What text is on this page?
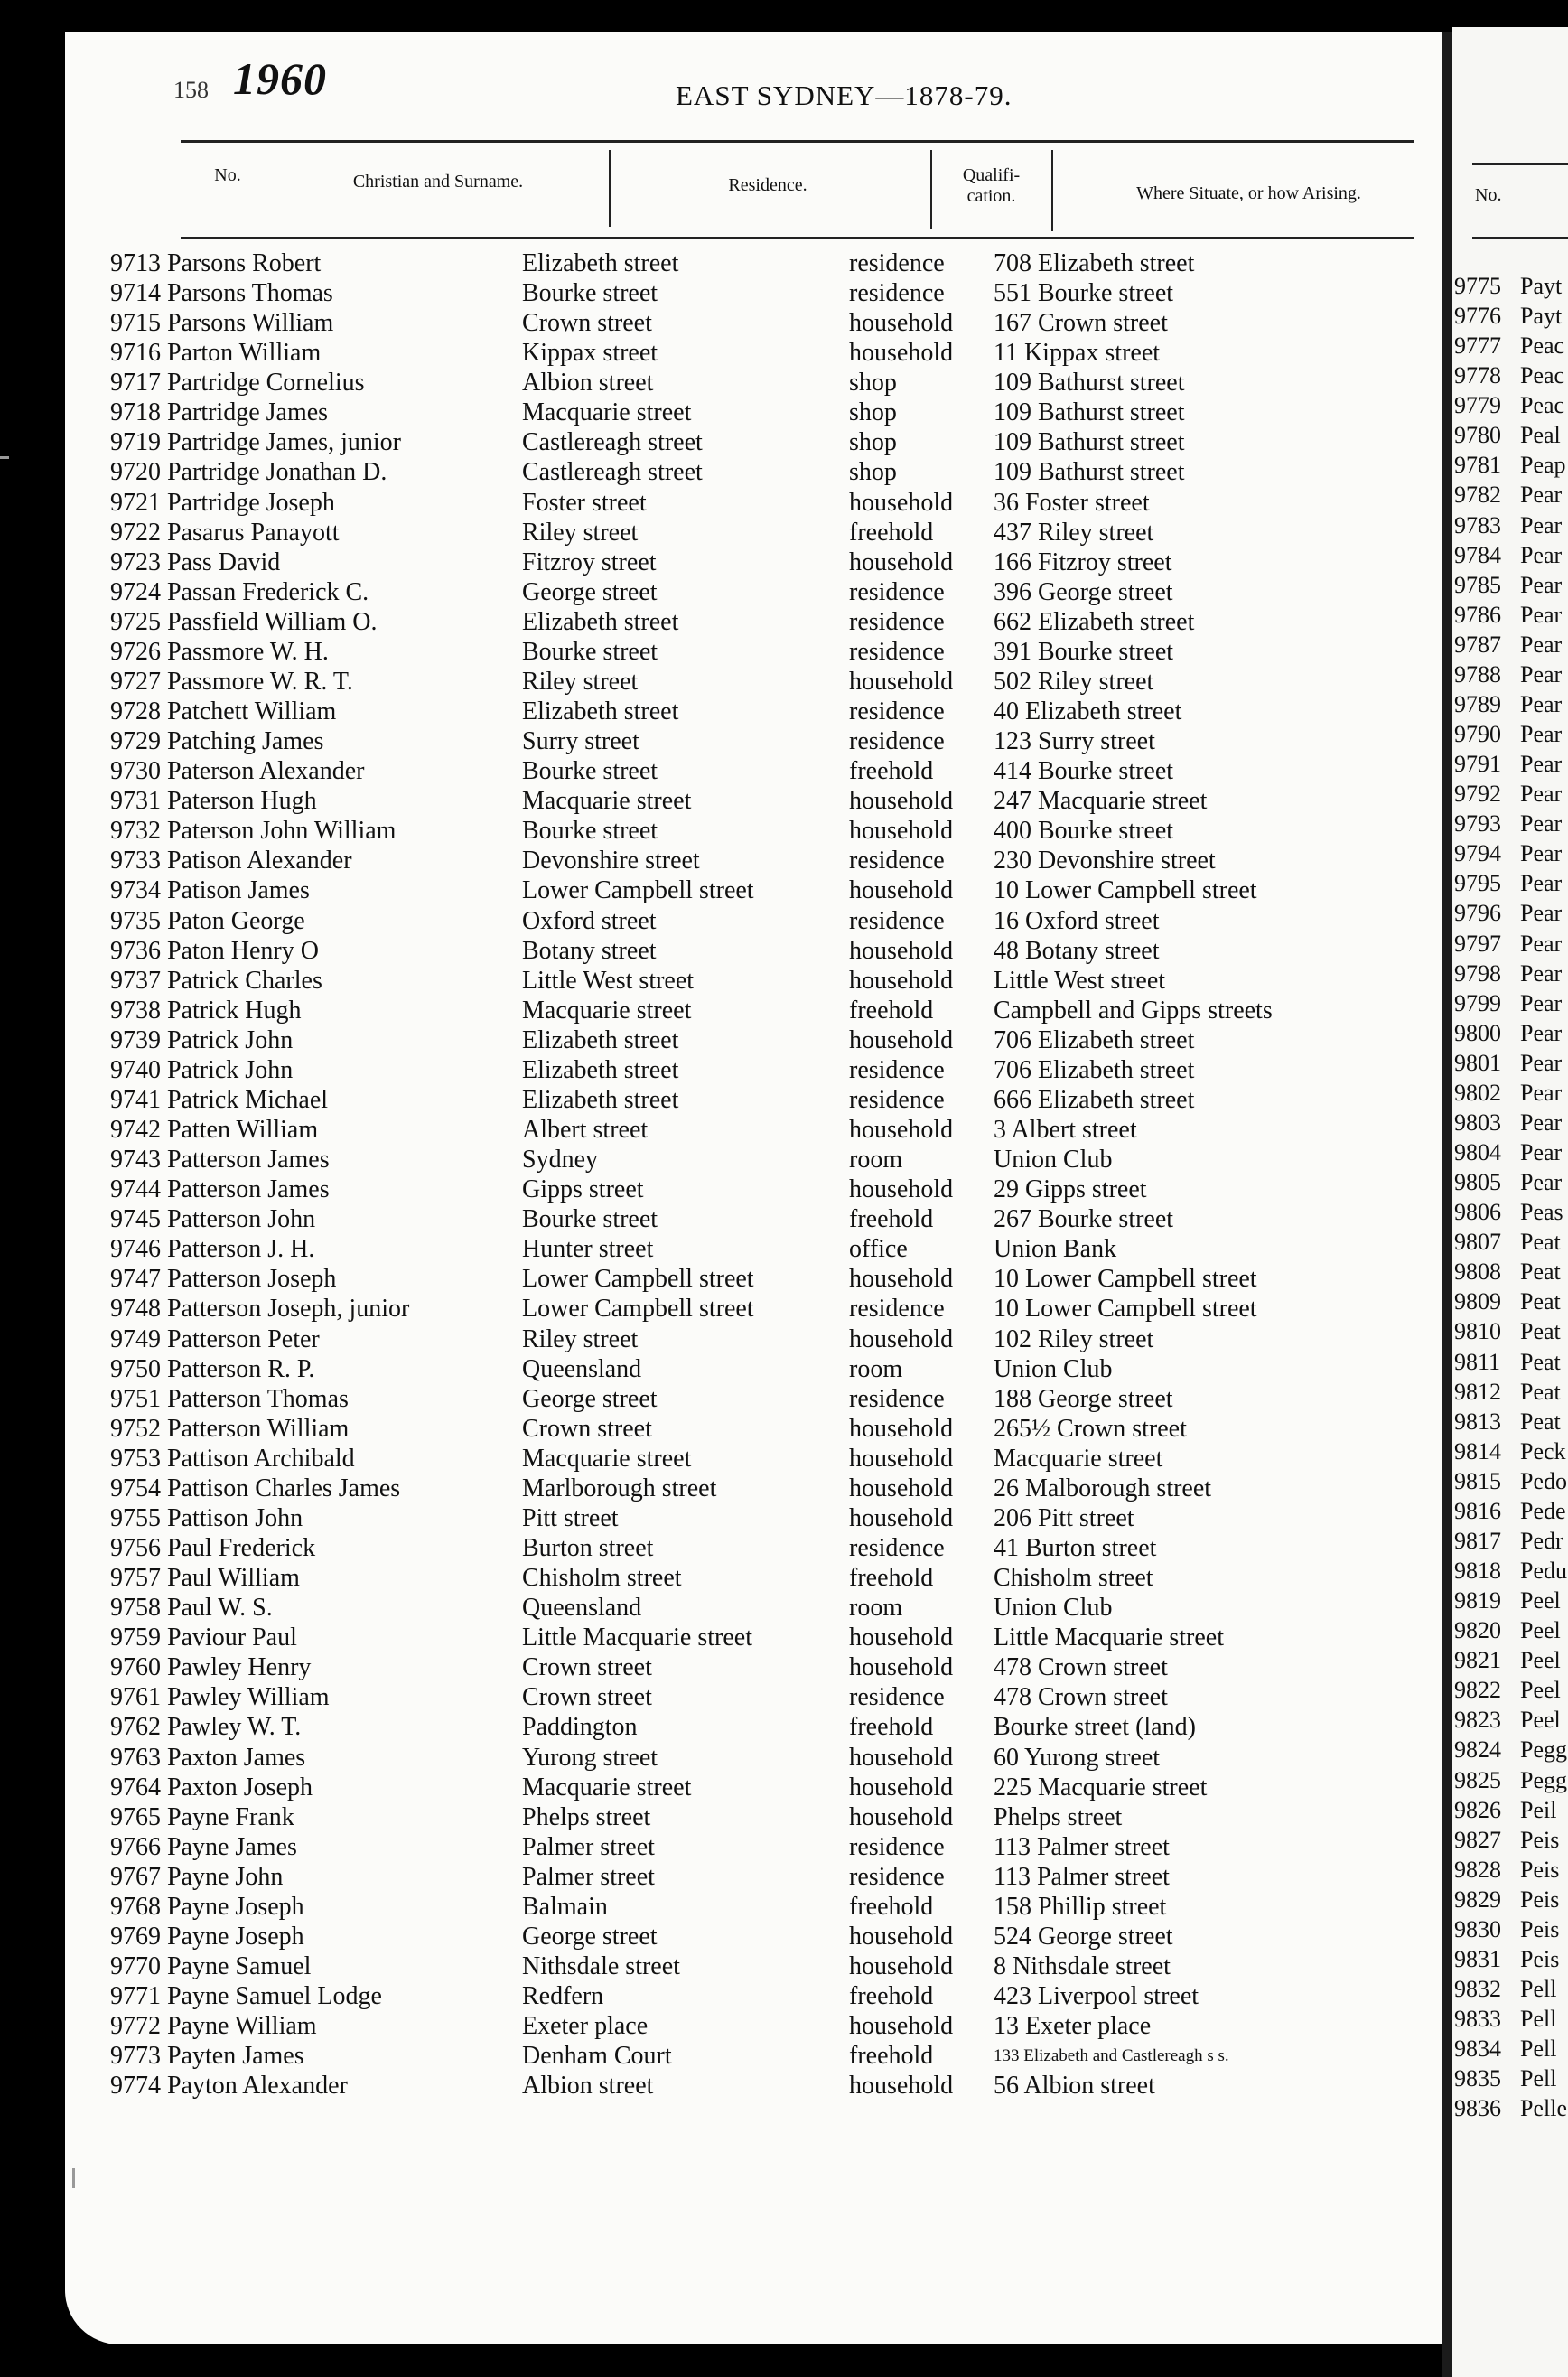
158 1960	EAST SYDNEY—1878-79.
No.	Christian and Surname.	Residence.	Qualifi- cation.	Where Situate, or how Arising.	No.
9713 Parsons Robert	Elizabeth street	residence 708 Elizabeth street
9714 Parsons Thomas	Bourke street	residence 551 Bourke street
9715 Parsons William	Crown street	household 167 Crown street
9716 Parton William	Kippax street	household 11 Kippax street
9717 Partridge Cornelius	Albion street	shop	109 Bathurst street
9718 Partridge James	Macquarie street	shop	109 Bathurst street
9719 Partridge James, junior	Castlereagh street	shop	109 Bathurst street
9720 Partridge Jonathan D.	Castlereagh street	shop	109 Bathurst street
9721 Partridge Joseph	Foster street	household 36 Foster street
9722 Pasarus Panayott	Riley street	freehold 437 Riley street
9723 Pass David	Fitzroy street	household 166 Fitzroy street
9724 Passan Frederick C.	George street	residence 396 George street
9725 Passfield William O.	Elizabeth street	residence 662 Elizabeth street
9726 Passmore W. H.	Bourke street	residence 391 Bourke street
9727 Passmore W. R. T.	Riley street	household 502 Riley street
9728 Patchett William	Elizabeth street	residence 40 Elizabeth street
9729 Patching James	Surry street	residence 123 Surry street
9730 Paterson Alexander	Bourke street	freehold 414 Bourke street
9731 Paterson Hugh	Macquarie street	household 247 Macquarie street
9732 Paterson John William	Bourke street	household 400 Bourke street
9733 Patison Alexander	Devonshire street	residence 230 Devonshire street
9734 Patison James	Lower Campbell street	household 10 Lower Campbell street
9735 Paton George	Oxford street	residence 16 Oxford street
9736 Paton Henry O	Botany street	household 48 Botany street
9737 Patrick Charles	Little West street	household Little West street
9738 Patrick Hugh	Macquarie street	freehold Campbell and Gipps streets
9739 Patrick John	Elizabeth street	household 706 Elizabeth street
9740 Patrick John	Elizabeth street	residence 706 Elizabeth street
9741 Patrick Michael	Elizabeth street	residence 666 Elizabeth street
9742 Patten William	Albert street	household 3 Albert street
9743 Patterson James	Sydney	room	Union Club
9744 Patterson James	Gipps street	household 29 Gipps street
9745 Patterson John	Bourke street	freehold 267 Bourke street
9746 Patterson J. H.	Hunter street	office	Union Bank
9747 Patterson Joseph	Lower Campbell street	household 10 Lower Campbell street
9748 Patterson Joseph, junior	Lower Campbell street	residence 10 Lower Campbell street
9749 Patterson Peter	Riley street	household 102 Riley street
9750 Patterson R. P.	Queensland	room	Union Club
9751 Patterson Thomas	George street	residence 188 George street
9752 Patterson William	Crown street	household 265½ Crown street
9753 Pattison Archibald	Macquarie street	household Macquarie street
9754 Pattison Charles James	Marlborough street	household 26 Malborough street
9755 Pattison John	Pitt street	household 206 Pitt street
9756 Paul Frederick	Burton street	residence 41 Burton street
9757 Paul William	Chisholm street	freehold Chisholm street
9758 Paul W. S.	Queensland	room	Union Club
9759 Paviour Paul	Little Macquarie street	household Little Macquarie street
9760 Pawley Henry	Crown street	household 478 Crown street
9761 Pawley William	Crown street	residence 478 Crown street
9762 Pawley W. T.	Paddington	freehold Bourke street (land)
9763 Paxton James	Yurong street	household 60 Yurong street
9764 Paxton Joseph	Macquarie street	household 225 Macquarie street
9765 Payne Frank	Phelps street	household Phelps street
9766 Payne James	Palmer street	residence 113 Palmer street
9767 Payne John	Palmer street	residence 113 Palmer street
9768 Payne Joseph	Balmain	freehold 158 Phillip street
9769 Payne Joseph	George street	household 524 George street
9770 Payne Samuel	Nithsdale street	household 8 Nithsdale street
9771 Payne Samuel Lodge	Redfern	freehold 423 Liverpool street
9772 Payne William	Exeter place	household 13 Exeter place
9773 Payten James	Denham Court	freehold	133 Elizabeth and Castlereagh s s.
9774 Payton Alexander	Albion street	household 56 Albion street
9775 Payt
9776 Payt
9777 Peac
9778 Peac
9779 Peac
9780 Peal
9781 Peap
9782 Pear
9783 Pear
9784 Pear
9785 Pear
9786 Pear
9787 Pear
9788 Pear
9789 Pear
9790 Pear
9791 Pear
9792 Pear
9793 Pear
9794 Pear
9795 Pear
9796 Pear
9797 Pear
9798 Pear
9799 Pear
9800 Pear
9801 Pear
9802 Pear
9803 Pear
9804 Pear
9805 Pear
9806 Peas
9807 Peat
9808 Peat
9809 Peat
9810 Peat
9811 Peat
9812 Peat
9813 Peat
9814 Peck
9815 Pedo
9816 Pede
9817 Pedr
9818 Pedu
9819 Peel
9820 Peel
9821 Peel
9822 Peel
9823 Peel
9824 Pegg
9825 Pegg
9826 Peil
9827 Peis
9828 Peis
9829 Peis
9830 Peis
9831 Peis
9832 Pell
9833 Pell
9834 Pell
9835 Pell
9836 Pelle
